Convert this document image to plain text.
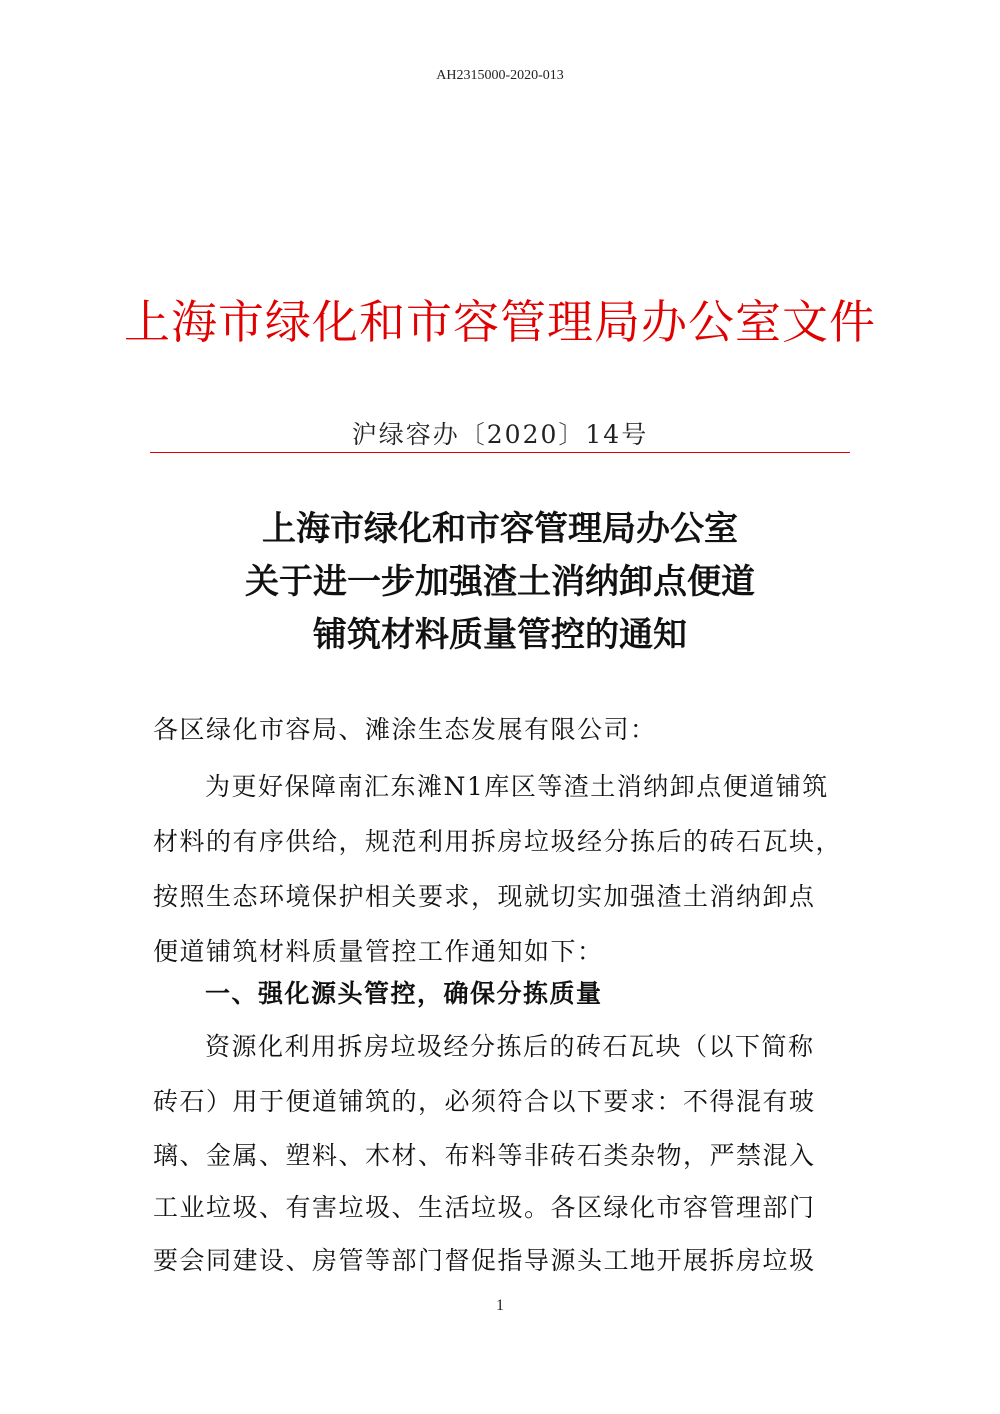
AH2315000-2020-013
上海市绿化和市容管理局办公室文件
沪绿容办〔2020〕14号
上海市绿化和市容管理局办公室
关于进一步加强渣土消纳卸点便道
铺筑材料质量管控的通知
各区绿化市容局、滩涂生态发展有限公司：
为更好保障南汇东滩N1库区等渣土消纳卸点便道铺筑
材料的有序供给，规范利用拆房垃圾经分拣后的砖石瓦块，
按照生态环境保护相关要求，现就切实加强渣土消纳卸点
便道铺筑材料质量管控工作通知如下：
一、强化源头管控，确保分拣质量
资源化利用拆房垃圾经分拣后的砖石瓦块（以下简称
砖石）用于便道铺筑的，必须符合以下要求：不得混有玻
璃、金属、塑料、木材、布料等非砖石类杂物，严禁混入
工业垃圾、有害垃圾、生活垃圾。各区绿化市容管理部门
要会同建设、房管等部门督促指导源头工地开展拆房垃圾
1
